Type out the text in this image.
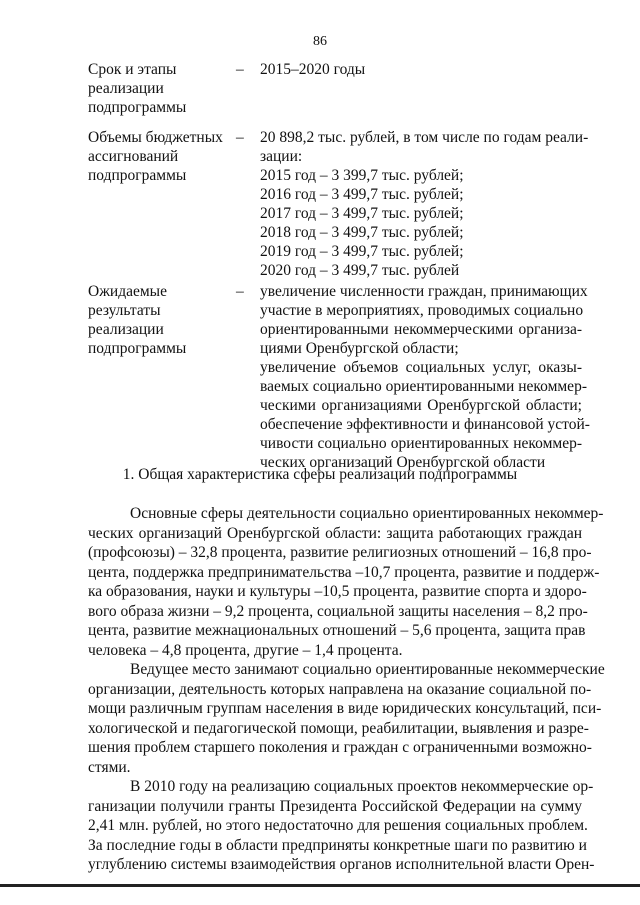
86
Срок и этапы
реализации
подпрограммы
– 2015–2020 годы
Объемы бюджетных
ассигнований
подпрограммы
– 20 898,2 тыс. рублей, в том числе по годам реали-
зации:
2015 год – 3 399,7 тыс. рублей;
2016 год – 3 499,7 тыс. рублей;
2017 год – 3 499,7 тыс. рублей;
2018 год – 3 499,7 тыс. рублей;
2019 год – 3 499,7 тыс. рублей;
2020 год – 3 499,7 тыс. рублей
Ожидаемые
результаты
реализации
подпрограммы
– увеличение численности граждан, принимающих
участие в мероприятиях, проводимых социально
ориентированными некоммерческими организа-
циями Оренбургской области;
увеличение объемов социальных услуг, оказы-
ваемых социально ориентированными некоммер-
ческими организациями Оренбургской области;
обеспечение эффективности и финансовой устой-
чивости социально ориентированных некоммер-
ческих организаций Оренбургской области
1. Общая характеристика сферы реализации подпрограммы
Основные сферы деятельности социально ориентированных некоммер-
ческих организаций Оренбургской области: защита работающих граждан
(профсоюзы) – 32,8 процента, развитие религиозных отношений – 16,8 про-
цента, поддержка предпринимательства –10,7 процента, развитие и поддерж-
ка образования, науки и культуры –10,5 процента, развитие спорта и здоро-
вого образа жизни – 9,2 процента, социальной защиты населения – 8,2 про-
цента, развитие межнациональных отношений – 5,6 процента, защита прав
человека – 4,8 процента, другие – 1,4 процента.
Ведущее место занимают социально ориентированные некоммерческие
организации, деятельность которых направлена на оказание социальной по-
мощи различным группам населения в виде юридических консультаций, пси-
хологической и педагогической помощи, реабилитации, выявления и разре-
шения проблем старшего поколения и граждан с ограниченными возможно-
стями.
В 2010 году на реализацию социальных проектов некоммерческие ор-
ганизации получили гранты Президента Российской Федерации на сумму
2,41 млн. рублей, но этого недостаточно для решения социальных проблем.
За последние годы в области предприняты конкретные шаги по развитию и
углублению системы взаимодействия органов исполнительной власти Орен-
